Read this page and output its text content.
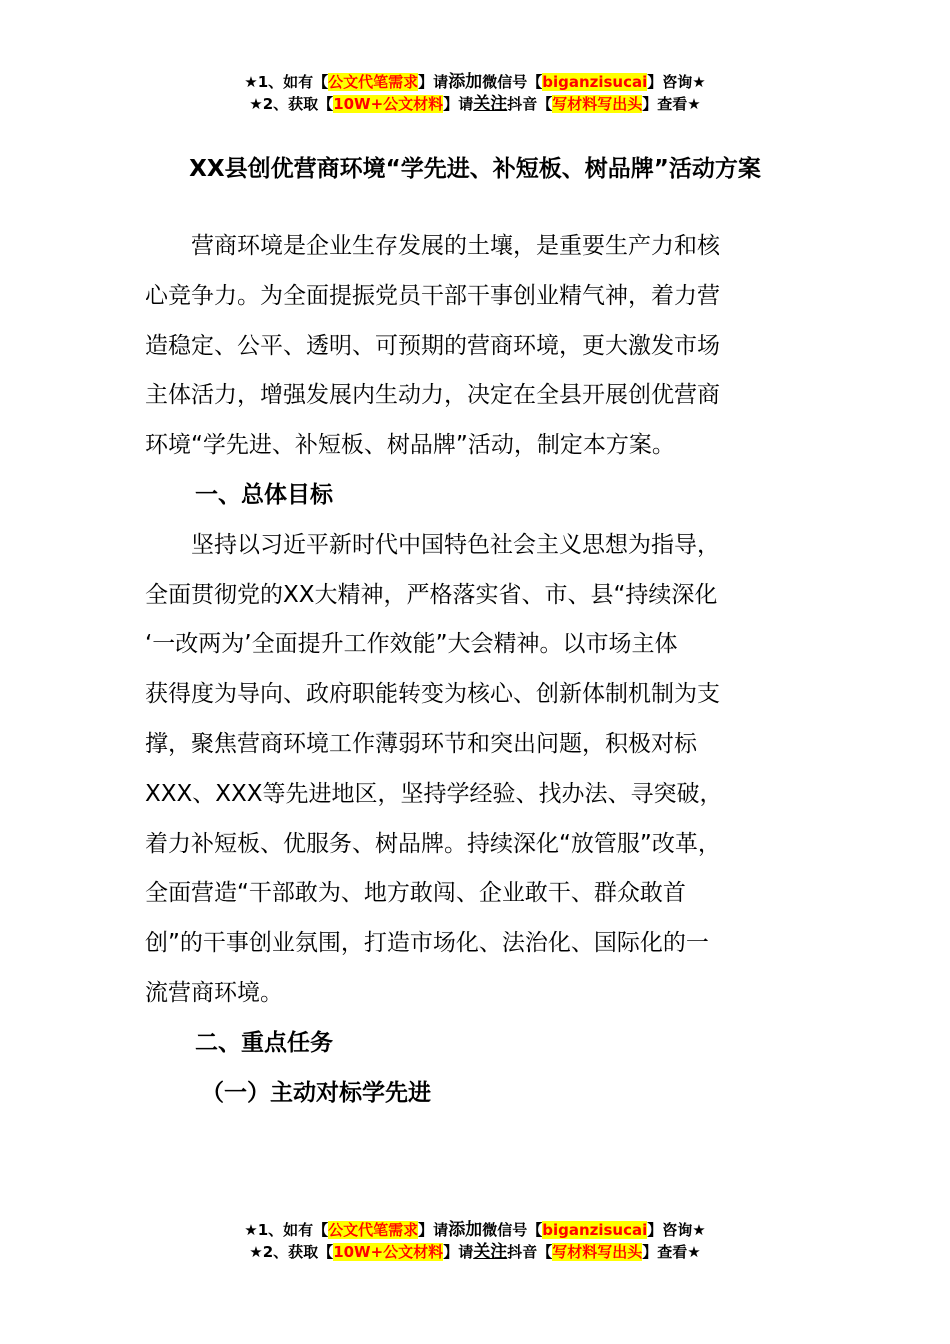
★1、如有【公文代笔需求】请添加微信号【biganzisucai】咨询★
★2、获取【10W+公文材料】请关注抖音【写材料写出头】查看★
XX县创优营商环境“学先进、补短板、树品牌”活动方案

营商环境是企业生存发展的土壤，是重要生产力和核
心竞争力。为全面提振党员干部干事创业精气神，着力营
造稳定、公平、透明、可预期的营商环境，更大激发市场
主体活力，增强发展内生动力，决定在全县开展创优营商
环境“学先进、补短板、树品牌”活动，制定本方案。

一、总体目标

坚持以习近平新时代中国特色社会主义思想为指导，
全面贯彻党的XX大精神，严格落实省、市、县“持续深化
‘一改两为’全面提升工作效能”大会精神。以市场主体
获得度为导向、政府职能转变为核心、创新体制机制为支
撑，聚焦营商环境工作薄弱环节和突出问题，积极对标
XXX、XXX等先进地区，坚持学经验、找办法、寻突破，
着力补短板、优服务、树品牌。持续深化“放管服”改革，
全面营造“干部敢为、地方敢闯、企业敢干、群众敢首
创”的干事创业氛围，打造市场化、法治化、国际化的一
流营商环境。

二、重点任务

（一）主动对标学先进

★1、如有【公文代笔需求】请添加微信号【biganzisucai】咨询★
★2、获取【10W+公文材料】请关注抖音【写材料写出头】查看★
